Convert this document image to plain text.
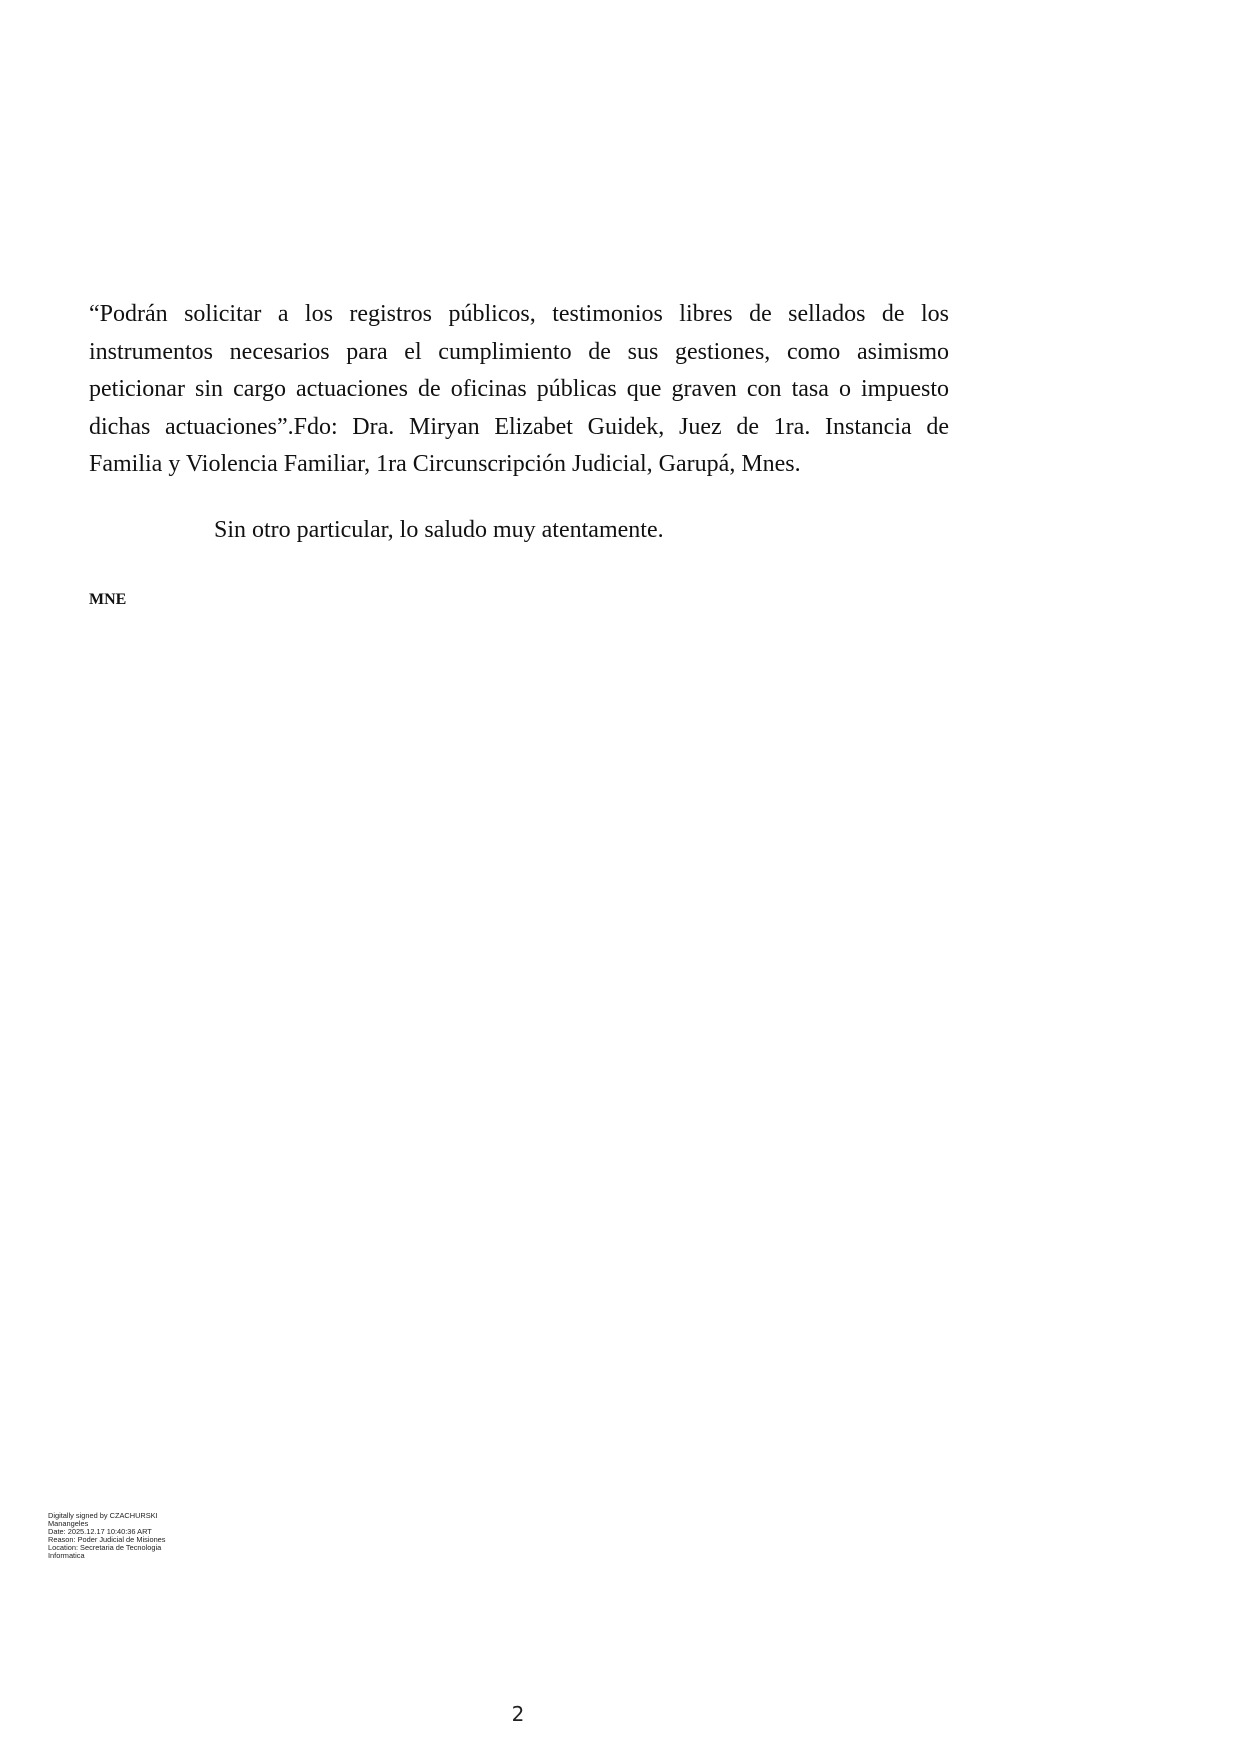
“Podrán solicitar a los registros públicos, testimonios libres de sellados de los
instrumentos necesarios para el cumplimiento de sus gestiones, como asimismo
peticionar sin cargo actuaciones de oficinas públicas que graven con tasa o impuesto
dichas actuaciones”.Fdo: Dra. Miryan Elizabet Guidek, Juez de 1ra. Instancia de
Familia y Violencia Familiar, 1ra Circunscripción Judicial, Garupá, Mnes.

Sin otro particular, lo saludo muy atentamente.

MNE

Digitally signed by CZACHURSKI
Manangeles
Date: 2025.12.17 10:40:36 ART
Reason: Poder Judicial de Misiones
Location: Secretaria de Tecnologia
Informatica
2
